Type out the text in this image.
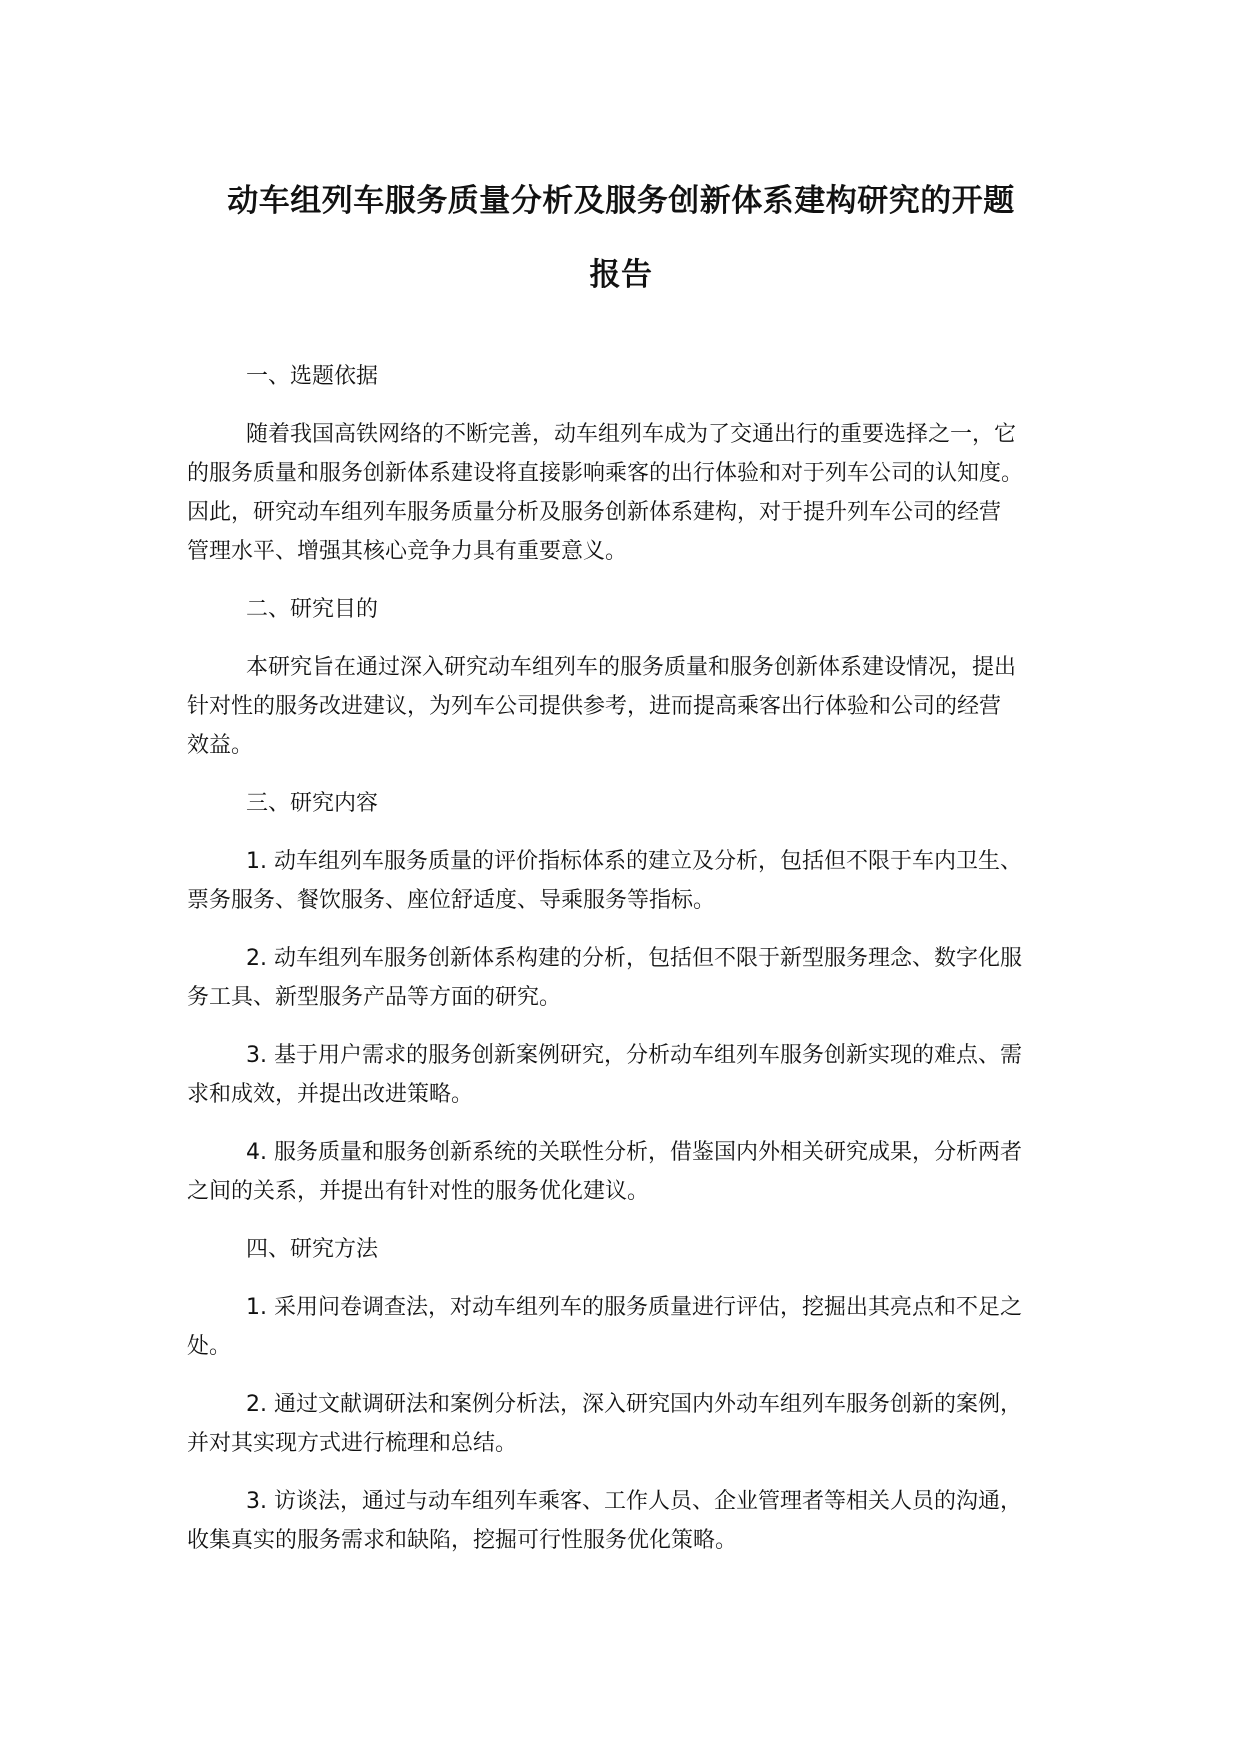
动车组列车服务质量分析及服务创新体系建构研究的开题
报告
一、选题依据
随着我国高铁网络的不断完善，动车组列车成为了交通出行的重要选择之一，它
的服务质量和服务创新体系建设将直接影响乘客的出行体验和对于列车公司的认知度。
因此，研究动车组列车服务质量分析及服务创新体系建构，对于提升列车公司的经营
管理水平、增强其核心竞争力具有重要意义。
二、研究目的
本研究旨在通过深入研究动车组列车的服务质量和服务创新体系建设情况，提出
针对性的服务改进建议，为列车公司提供参考，进而提高乘客出行体验和公司的经营
效益。
三、研究内容
1. 动车组列车服务质量的评价指标体系的建立及分析，包括但不限于车内卫生、
票务服务、餐饮服务、座位舒适度、导乘服务等指标。
2. 动车组列车服务创新体系构建的分析，包括但不限于新型服务理念、数字化服
务工具、新型服务产品等方面的研究。
3. 基于用户需求的服务创新案例研究，分析动车组列车服务创新实现的难点、需
求和成效，并提出改进策略。
4. 服务质量和服务创新系统的关联性分析，借鉴国内外相关研究成果，分析两者
之间的关系，并提出有针对性的服务优化建议。
四、研究方法
1. 采用问卷调查法，对动车组列车的服务质量进行评估，挖掘出其亮点和不足之
处。
2. 通过文献调研法和案例分析法，深入研究国内外动车组列车服务创新的案例，
并对其实现方式进行梳理和总结。
3. 访谈法，通过与动车组列车乘客、工作人员、企业管理者等相关人员的沟通，
收集真实的服务需求和缺陷，挖掘可行性服务优化策略。
